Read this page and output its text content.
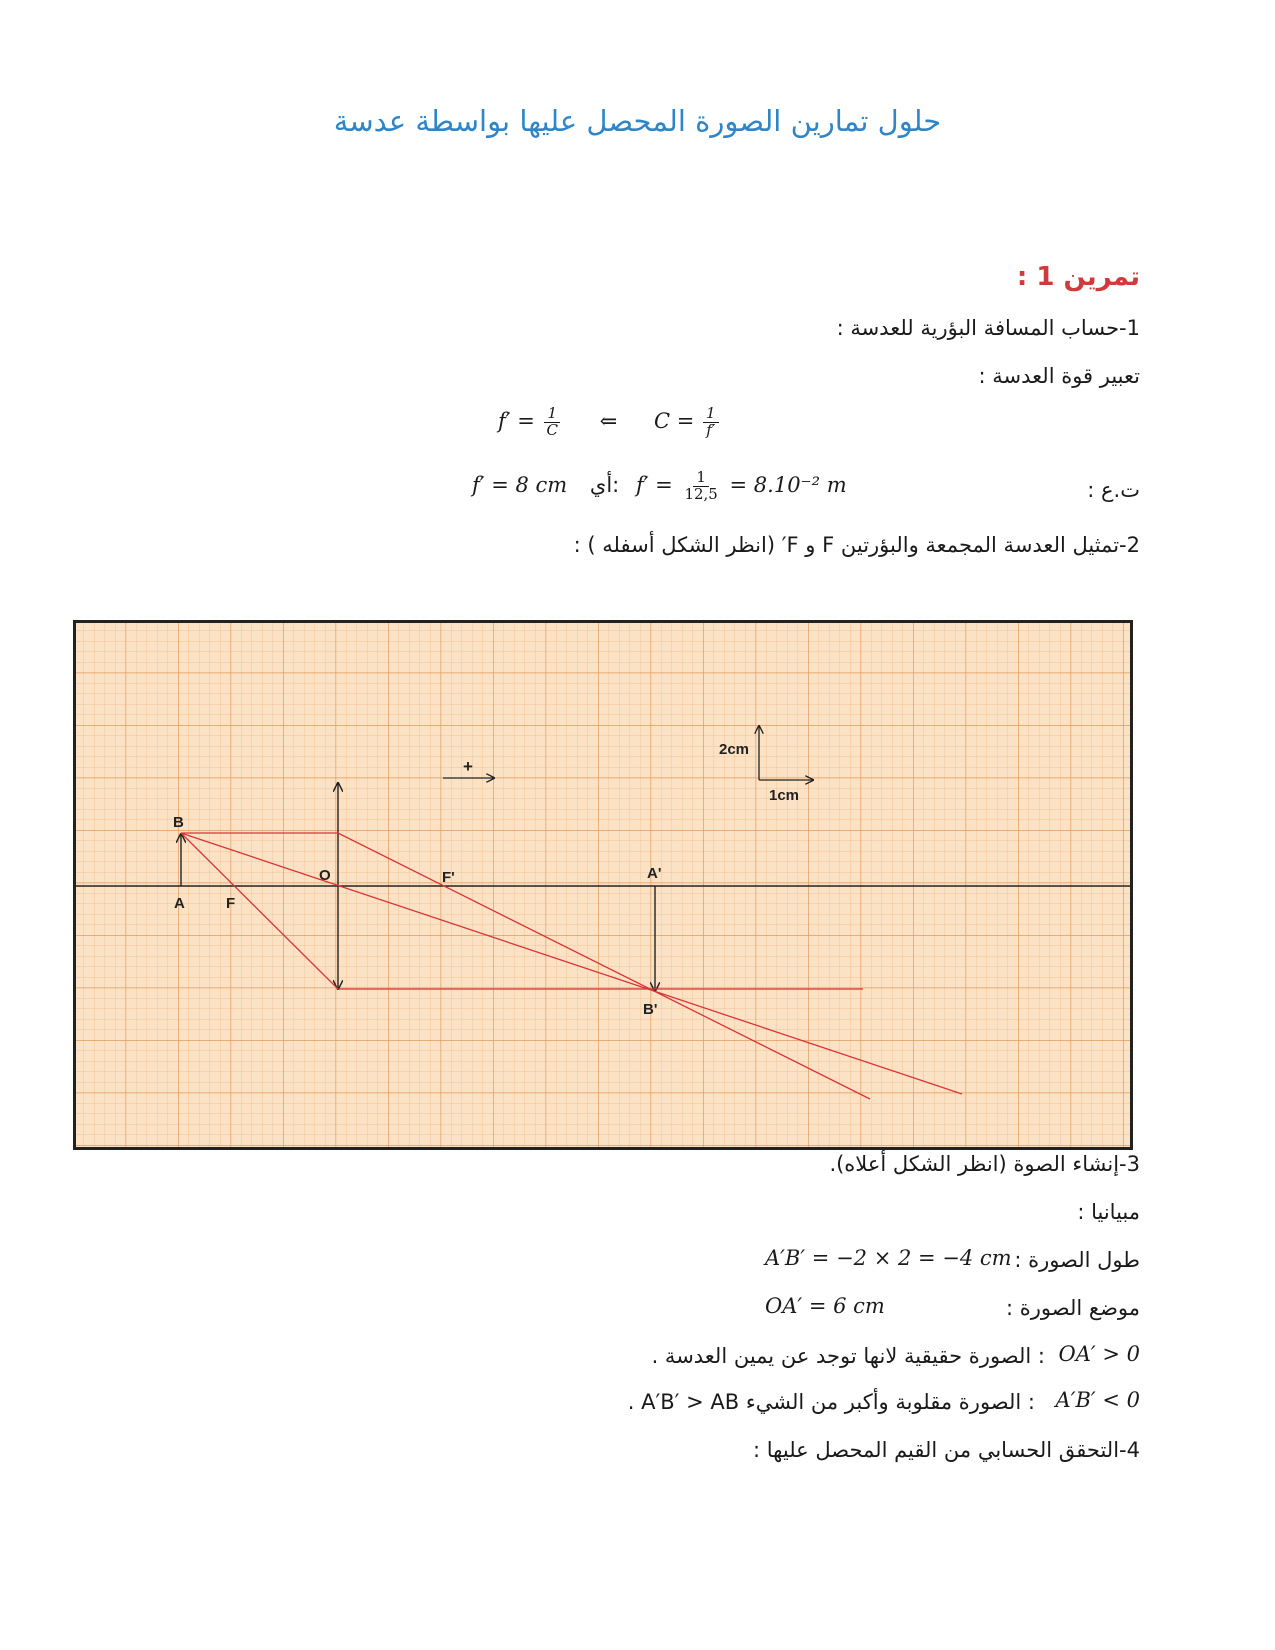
حلول تمارين الصورة المحصل عليها بواسطة عدسة
تمرين 1 :
1-حساب المسافة البؤرية للعدسة :
تعبير قوة العدسة :
$f' = \frac{1}{C}$ ⇐ $C = \frac{1}{f'}$
ت.ع :
f′ = 8 cm أي: $f' = \frac{1}{12,5} = 8.10^{-2}$ m
2-تمثيل العدسة المجمعة والبؤرتين F و F′ (انظر الشكل أسفله ) :
B
A	F
O	F'	A'
B'
+
2cm
1cm
3-إنشاء الصوة (انظر الشكل أعلاه).
مبيانيا :
طول الصورة :
A′B′ = −2 × 2 = −4 cm
موضع الصورة :
OA′ = 6 cm
: الصورة حقيقية لانها توجد عن يمين العدسة . OA′ > 0
: الصورة مقلوبة وأكبر من الشيء A′B′ > AB . A′B′ < 0
4-التحقق الحسابي من القيم المحصل عليها :
